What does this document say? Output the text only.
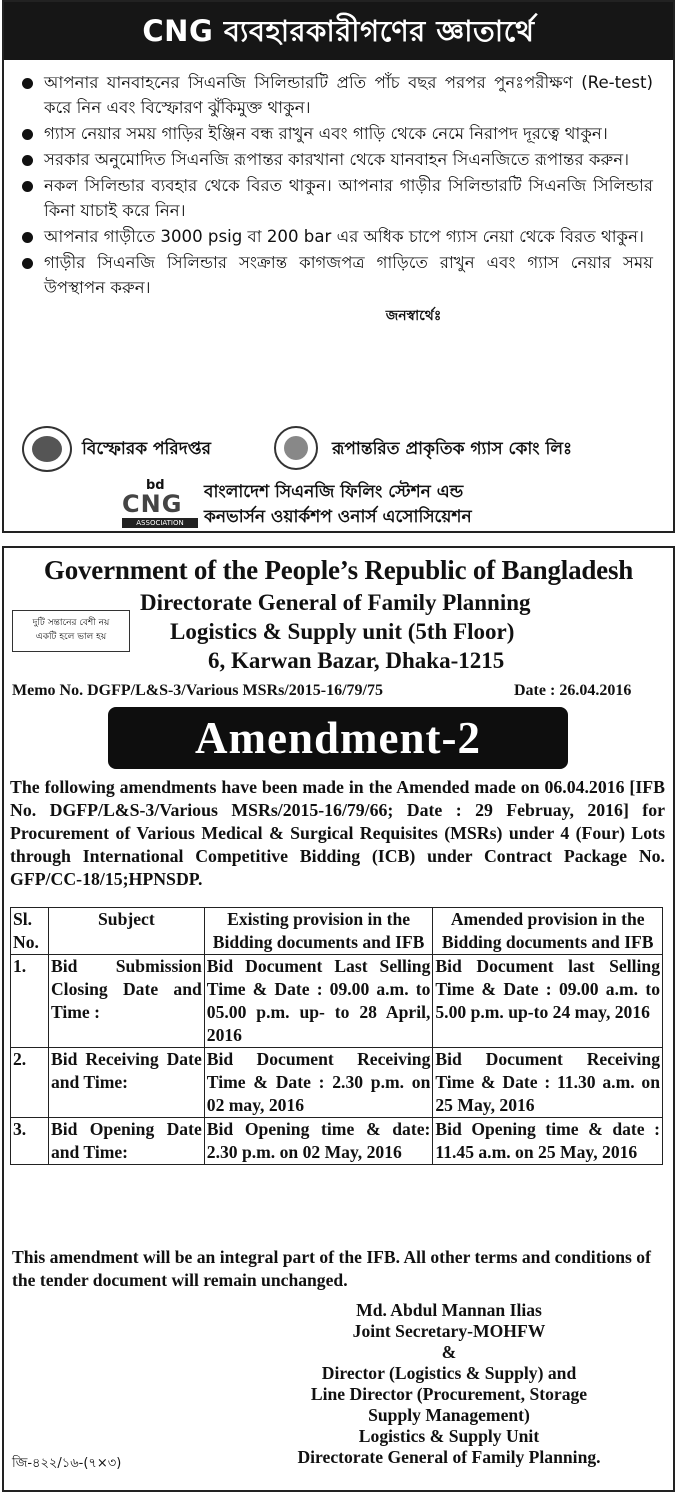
CNG ব্যবহারকারীগণের জ্ঞাতার্থে
আপনার যানবাহনের সিএনজি সিলিন্ডারটি প্রতি পাঁচ বছর পরপর পুনঃপরীক্ষণ (Re-test) করে নিন এবং বিস্ফোরণ ঝুঁকিমুক্ত থাকুন।
গ্যাস নেয়ার সময় গাড়ির ইঞ্জিন বন্ধ রাখুন এবং গাড়ি থেকে নেমে নিরাপদ দূরত্বে থাকুন।
সরকার অনুমোদিত সিএনজি রূপান্তর কারখানা থেকে যানবাহন সিএনজিতে রূপান্তর করুন।
নকল সিলিন্ডার ব্যবহার থেকে বিরত থাকুন। আপনার গাড়ীর সিলিন্ডারটি সিএনজি সিলিন্ডার কিনা যাচাই করে নিন।
আপনার গাড়ীতে 3000 psig বা 200 bar এর অধিক চাপে গ্যাস নেয়া থেকে বিরত থাকুন।
গাড়ীর সিএনজি সিলিন্ডার সংক্রান্ত কাগজপত্র গাড়িতে রাখুন এবং গ্যাস নেয়ার সময় উপস্থাপন করুন।
জনস্বার্থেঃ
বিস্ফোরক পরিদপ্তর	রূপান্তরিত প্রাকৃতিক গ্যাস কোং লিঃ
bd
CNG
ASSOCIATION
বাংলাদেশ সিএনজি ফিলিং স্টেশন এন্ড
কনভার্সন ওয়ার্কশপ ওনার্স এসোসিয়েশন
Government of the People’s Republic of Bangladesh
Directorate General of Family Planning
Logistics & Supply unit (5th Floor)
6, Karwan Bazar, Dhaka-1215
দুটি সন্তানের বেশী নয়
একটি হলে ভাল হয়
Memo No. DGFP/L&S-3/Various MSRs/2015-16/79/75	Date : 26.04.2016
Amendment-2
The following amendments have been made in the Amended made on 06.04.2016 [IFB No. DGFP/L&S-3/Various MSRs/2015-16/79/66; Date : 29 Februay, 2016] for Procurement of Various Medical & Surgical Requisites (MSRs) under 4 (Four) Lots through International Competitive Bidding (ICB) under Contract Package No. GFP/CC-18/15;HPNSDP.
Sl. No.	Subject	Existing provision in the Bidding documents and IFB	Amended provision in the Bidding documents and IFB
1.	Bid Submission Closing Date and Time :	Bid Document Last Selling Time & Date : 09.00 a.m. to 05.00 p.m. up- to 28 April, 2016	Bid Document last Selling Time & Date : 09.00 a.m. to 5.00 p.m. up-to 24 may, 2016
2.	Bid Receiving Date and Time:	Bid Document Receiving Time & Date : 2.30 p.m. on 02 may, 2016	Bid Document Receiving Time & Date : 11.30 a.m. on 25 May, 2016
3.	Bid Opening Date and Time:	Bid Opening time & date: 2.30 p.m. on 02 May, 2016	Bid Opening time & date : 11.45 a.m. on 25 May, 2016
This amendment will be an integral part of the IFB. All other terms and conditions of the tender document will remain unchanged.
Md. Abdul Mannan Ilias
Joint Secretary-MOHFW
&
Director (Logistics & Supply) and
Line Director (Procurement, Storage
Supply Management)
Logistics & Supply Unit
Directorate General of Family Planning.
জি-৪২২/১৬-(৭×৩)
